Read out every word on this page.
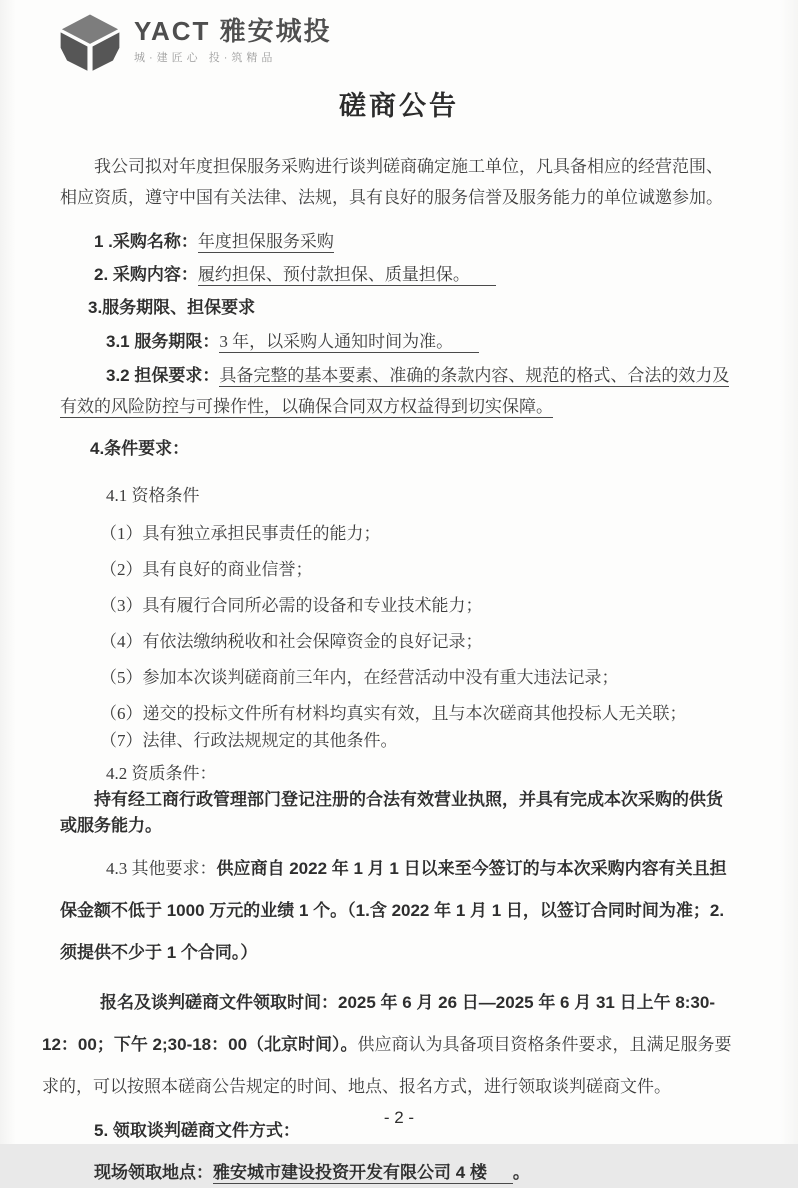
YACT 雅安城投
城·建匠心 投·筑精品
磋商公告

我公司拟对年度担保服务采购进行谈判磋商确定施工单位，凡具备相应的经营范围、相应资质，遵守中国有关法律、法规，具有良好的服务信誉及服务能力的单位诚邀参加。

1 .采购名称：年度担保服务采购

2. 采购内容：履约担保、预付款担保、质量担保。

3.服务期限、担保要求

3.1 服务期限：3 年，以采购人通知时间为准。

3.2 担保要求：具备完整的基本要素、准确的条款内容、规范的格式、合法的效力及有效的风险防控与可操作性，以确保合同双方权益得到切实保障。

4.条件要求：

4.1 资格条件

（1）具有独立承担民事责任的能力；

（2）具有良好的商业信誉；

（3）具有履行合同所必需的设备和专业技术能力；

（4）有依法缴纳税收和社会保障资金的良好记录；

（5）参加本次谈判磋商前三年内，在经营活动中没有重大违法记录；

（6）递交的投标文件所有材料均真实有效，且与本次磋商其他投标人无关联；

（7）法律、行政法规规定的其他条件。

4.2 资质条件：

持有经工商行政管理部门登记注册的合法有效营业执照，并具有完成本次采购的供货或服务能力。

4.3 其他要求：供应商自 2022 年 1 月 1 日以来至今签订的与本次采购内容有关且担保金额不低于 1000 万元的业绩 1 个。（1.含 2022 年 1 月 1 日，以签订合同时间为准；2.须提供不少于 1 个合同。）

报名及谈判磋商文件领取时间：2025 年 6 月 26 日—2025 年 6 月 31 日上午 8:30-12：00；下午 2;30-18：00（北京时间）。供应商认为具备项目资格条件要求，且满足服务要求的，可以按照本磋商公告规定的时间、地点、报名方式，进行领取谈判磋商文件。

5. 领取谈判磋商文件方式：

现场领取地点：雅安城市建设投资开发有限公司 4 楼 。

- 2 -
